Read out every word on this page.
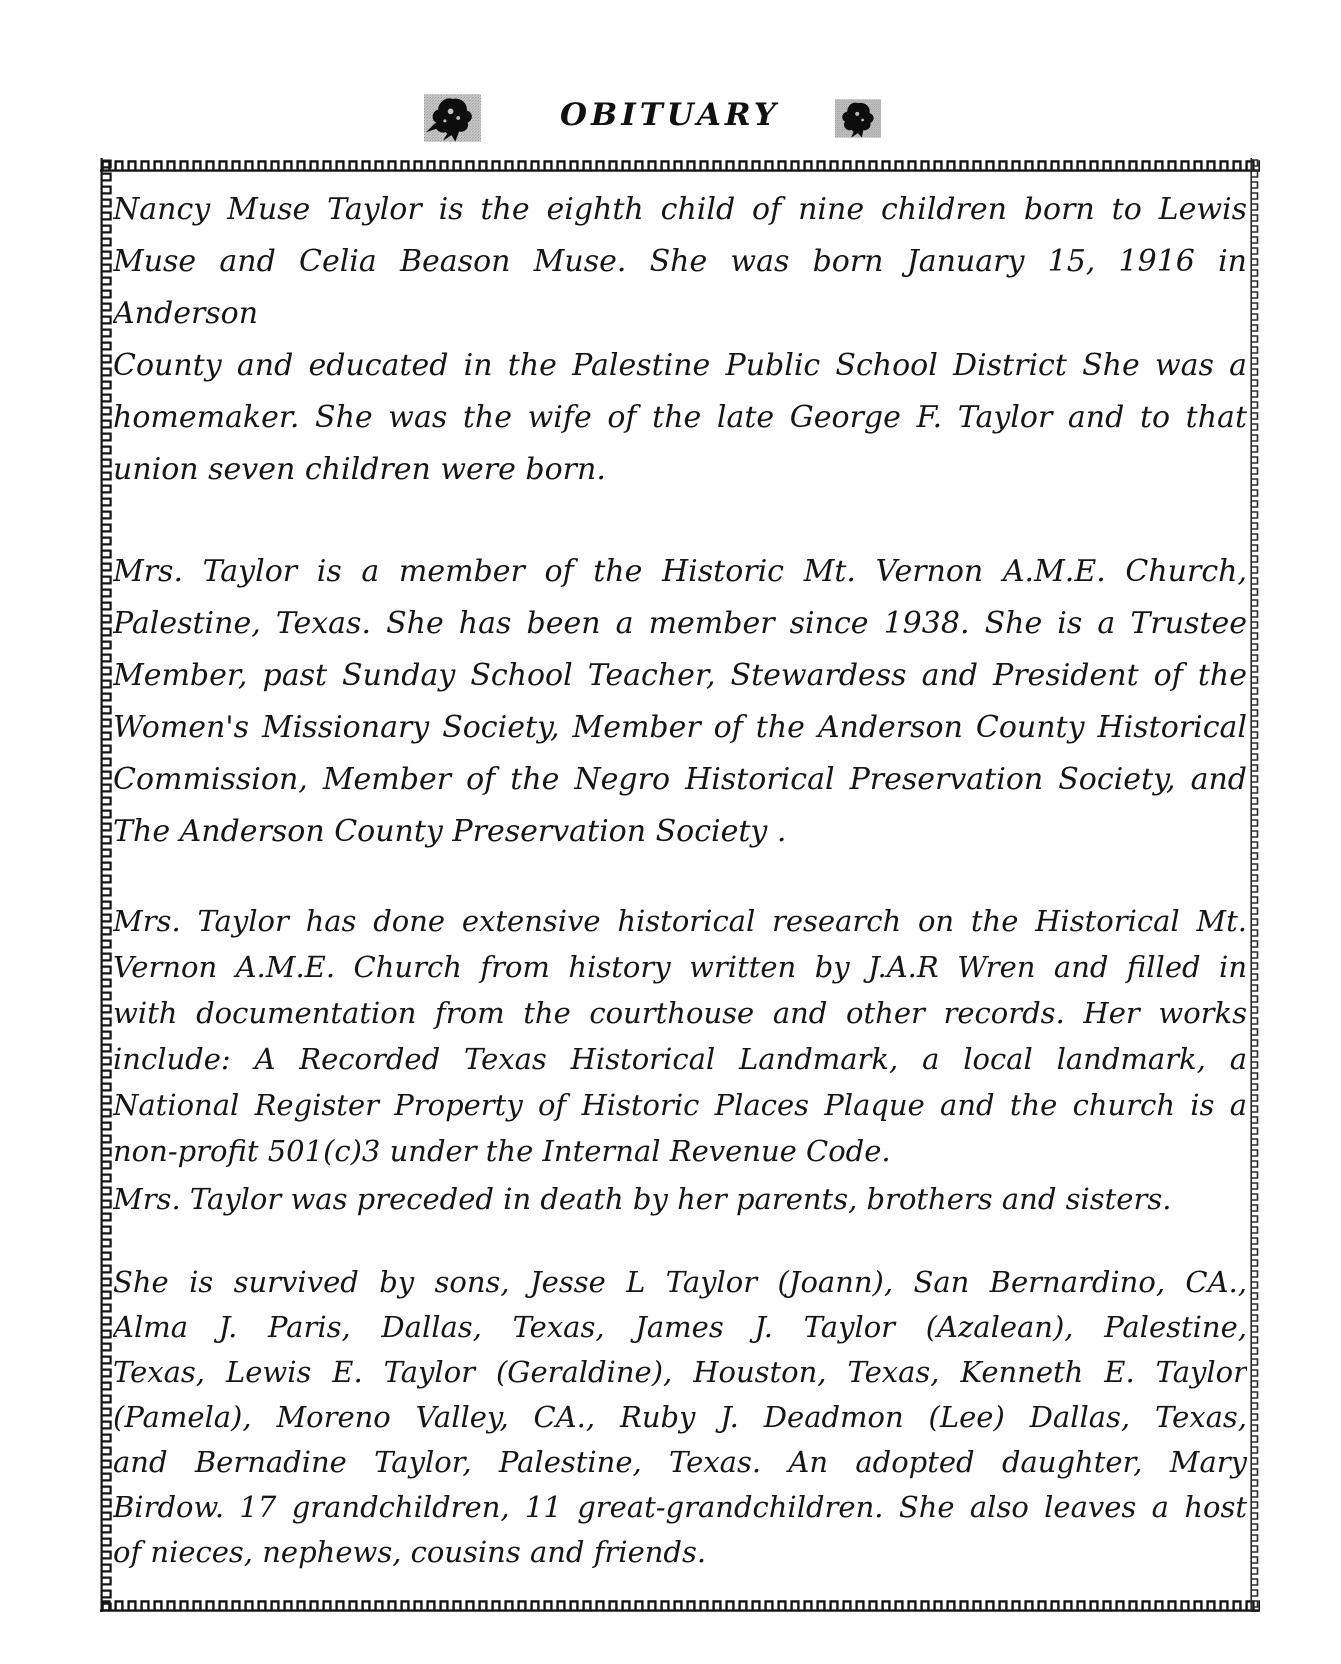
OBITUARY
Nancy Muse Taylor is the eighth child of nine children born to Lewis
Muse and Celia Beason Muse. She was born January 15, 1916 in Anderson
County and educated in the Palestine Public School District She was a
homemaker. She was the wife of the late George F. Taylor and to that
union seven children were born.
Mrs. Taylor is a member of the Historic Mt. Vernon A.M.E. Church,
Palestine, Texas. She has been a member since 1938. She is a Trustee
Member, past Sunday School Teacher, Stewardess and President of the
Women's Missionary Society, Member of the Anderson County Historical
Commission, Member of the Negro Historical Preservation Society, and
The Anderson County Preservation Society .
Mrs. Taylor has done extensive historical research on the Historical Mt.
Vernon A.M.E. Church from history written by J.A.R Wren and filled in
with documentation from the courthouse and other records. Her works
include: A Recorded Texas Historical Landmark, a local landmark, a
National Register Property of Historic Places Plaque and the church is a
non-profit 501(c)3 under the Internal Revenue Code.
Mrs. Taylor was preceded in death by her parents, brothers and sisters.
She is survived by sons, Jesse L Taylor (Joann), San Bernardino, CA.,
Alma J. Paris, Dallas, Texas, James J. Taylor (Azalean), Palestine,
Texas, Lewis E. Taylor (Geraldine), Houston, Texas, Kenneth E. Taylor
(Pamela), Moreno Valley, CA., Ruby J. Deadmon (Lee) Dallas, Texas,
and Bernadine Taylor, Palestine, Texas. An adopted daughter, Mary
Birdow. 17 grandchildren, 11 great-grandchildren. She also leaves a host
of nieces, nephews, cousins and friends.
